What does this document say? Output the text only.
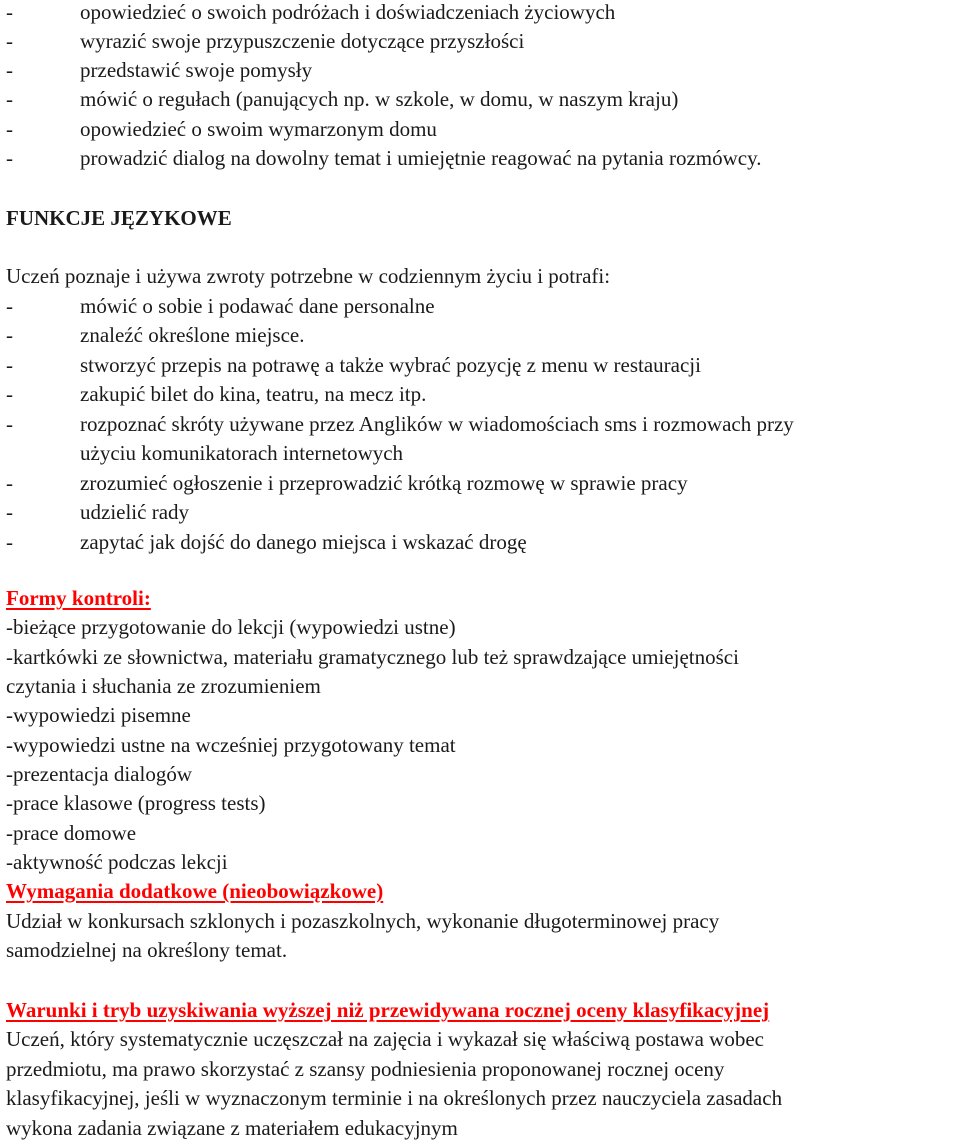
-	opowiedzieć o swoich podróżach i doświadczeniach życiowych
-	wyrazić swoje przypuszczenie dotyczące przyszłości
-	przedstawić swoje pomysły
-	mówić o regułach (panujących np. w szkole, w domu, w naszym kraju)
-	opowiedzieć o swoim wymarzonym domu
-	prowadzić dialog na dowolny temat i umiejętnie reagować na pytania rozmówcy.
FUNKCJE JĘZYKOWE
Uczeń poznaje i używa zwroty potrzebne w codziennym życiu i potrafi:
-	mówić o sobie i podawać dane personalne
-	znaleźć określone miejsce.
-	stworzyć przepis na potrawę a także wybrać pozycję z menu w restauracji
-	zakupić bilet do kina, teatru, na mecz itp.
-	rozpoznać skróty używane przez Anglików w wiadomościach sms i rozmowach przy
użyciu komunikatorach internetowych
-	zrozumieć ogłoszenie i przeprowadzić krótką rozmowę w sprawie pracy
-	udzielić rady
-	zapytać jak dojść do danego miejsca i wskazać drogę
Formy kontroli:
-bieżące przygotowanie do lekcji (wypowiedzi ustne)
-kartkówki ze słownictwa, materiału gramatycznego lub też sprawdzające umiejętności
czytania i słuchania ze zrozumieniem
-wypowiedzi pisemne
-wypowiedzi ustne na wcześniej przygotowany temat
-prezentacja dialogów
-prace klasowe (progress tests)
-prace domowe
-aktywność podczas lekcji
Wymagania dodatkowe (nieobowiązkowe)
Udział w konkursach szklonych i pozaszkolnych, wykonanie długoterminowej pracy
samodzielnej na określony temat.
Warunki i tryb uzyskiwania wyższej niż przewidywana rocznej oceny klasyfikacyjnej
Uczeń, który systematycznie uczęszczał na zajęcia i wykazał się właściwą postawa wobec
przedmiotu, ma prawo skorzystać z szansy podniesienia proponowanej rocznej oceny
klasyfikacyjnej, jeśli w wyznaczonym terminie i na określonych przez nauczyciela zasadach
wykona zadania związane z materiałem edukacyjnym
